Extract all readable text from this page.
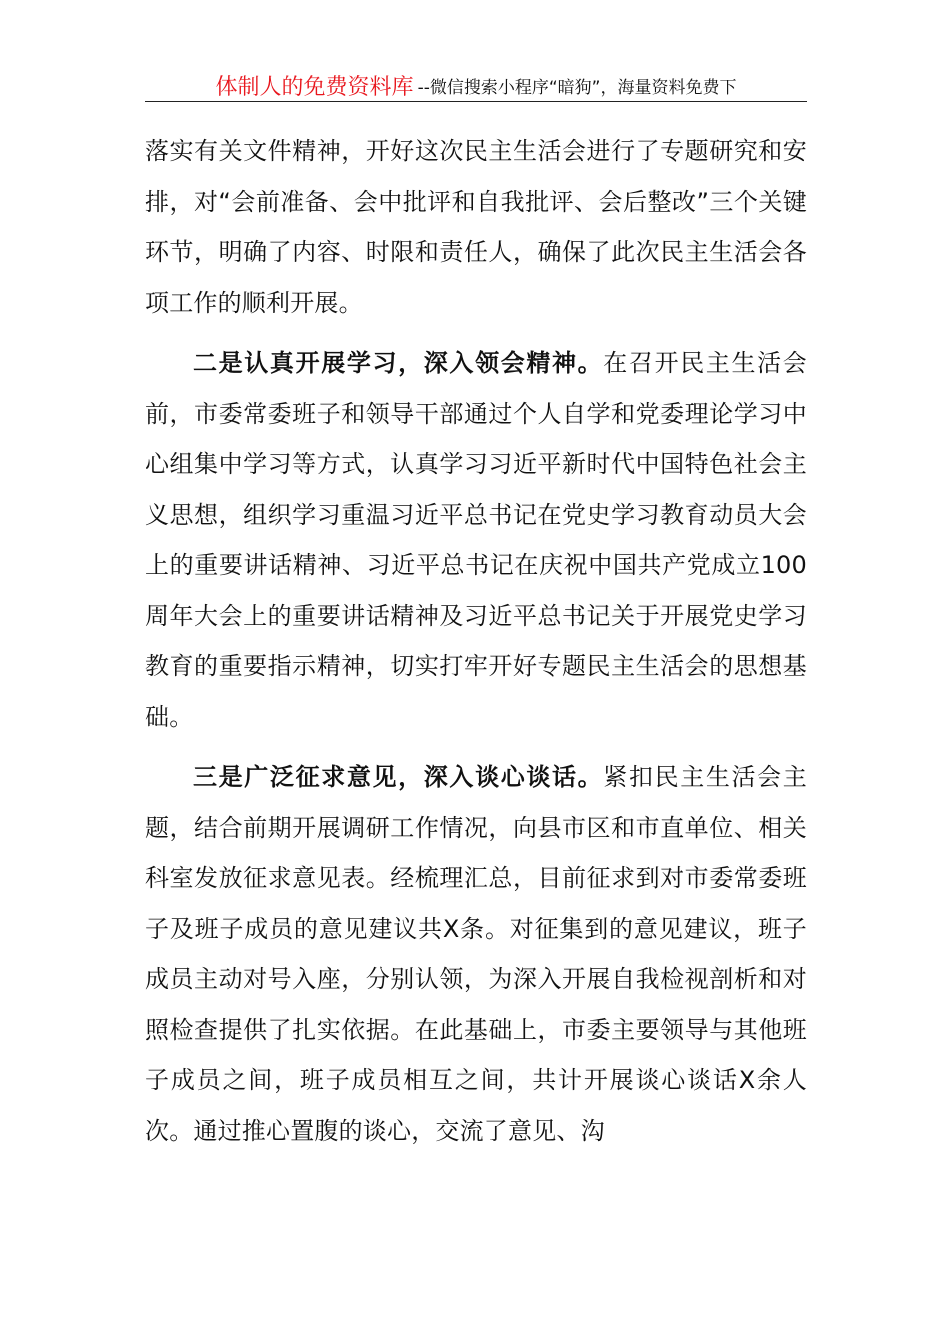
体制人的免费资料库 --微信搜索小程序“暗狗”，海量资料免费下

落实有关文件精神，开好这次民主生活会进行了专题研究和安排，对“会前准备、会中批评和自我批评、会后整改”三个关键环节，明确了内容、时限和责任人，确保了此次民主生活会各项工作的顺利开展。

二是认真开展学习，深入领会精神。在召开民主生活会前，市委常委班子和领导干部通过个人自学和党委理论学习中心组集中学习等方式，认真学习习近平新时代中国特色社会主义思想，组织学习重温习近平总书记在党史学习教育动员大会上的重要讲话精神、习近平总书记在庆祝中国共产党成立100周年大会上的重要讲话精神及习近平总书记关于开展党史学习教育的重要指示精神，切实打牢开好专题民主生活会的思想基础。

三是广泛征求意见，深入谈心谈话。紧扣民主生活会主题，结合前期开展调研工作情况，向县市区和市直单位、相关科室发放征求意见表。经梳理汇总，目前征求到对市委常委班子及班子成员的意见建议共X条。对征集到的意见建议，班子成员主动对号入座，分别认领，为深入开展自我检视剖析和对照检查提供了扎实依据。在此基础上，市委主要领导与其他班子成员之间，班子成员相互之间，共计开展谈心谈话X余人次。通过推心置腹的谈心，交流了意见、沟
